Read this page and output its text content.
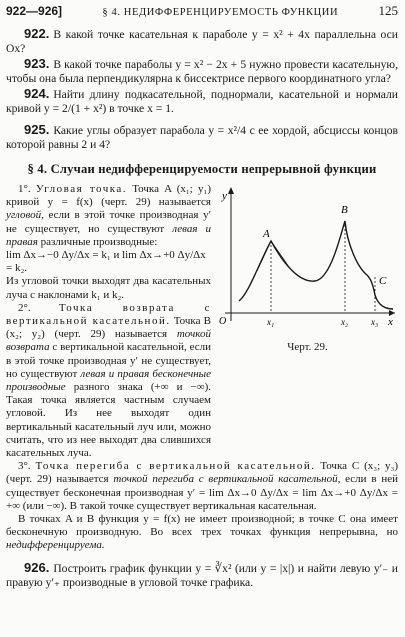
922—926]	§ 4. НЕДИФФЕРЕНЦИРУЕМОСТЬ ФУНКЦИИ	125

922. В какой точке касательная к параболе y = x² + 4x параллельна оси Ox?

923. В какой точке параболы y = x² − 2x + 5 нужно провести касательную, чтобы она была перпендикулярна к биссектрисе первого координатного угла?

924. Найти длину подкасательной, поднормали, касательной и нормали кривой y = 2/(1 + x²) в точке x = 1.

925. Какие углы образует парабола y = x²/4 с ее хордой, абсциссы концов которой равны 2 и 4?

§ 4. Случаи недифференцируемости непрерывной функции

1°. Угловая точка. Точка A (x₁; y₁) кривой y = f(x) (черт. 29) называется угловой, если в этой точке производная y′ не существует, но существуют левая и правая различные производные:

lim Δx→−0 Δy/Δx = k₁ и lim Δx→+0 Δy/Δx = k₂.

Из угловой точки выходят два касательных луча с наклонами k₁ и k₂.

2°. Точка возврата с вертикальной касательной. Точка B (x₂; y₂) (черт. 29) называется точкой возврата с вертикальной касательной, если в этой точке производная y′ не существует, но существуют левая и правая бесконечные производные разного знака (+∞ и −∞). Такая точка является частным случаем угловой. Из нее выходят один вертикальный касательный луч или, можно считать, что из нее выходят два слившихся касательных луча.

y
x
O
A
B
C
x₁	x₂	x₃
Черт. 29.

3°. Точка перегиба с вертикальной касательной. Точка C (x₃; y₃) (черт. 29) называется точкой перегиба с вертикальной касательной, если в ней существует бесконечная производная y′ = lim Δx→0 Δy/Δx = lim Δx→+0 Δy/Δx = +∞ (или −∞). В такой точке существует вертикальная касательная.

В точках A и B функция y = f(x) не имеет производной; в точке C она имеет бесконечную производную. Во всех трех точках функция непрерывна, но недифференцируема.

926. Построить график функции y = ∛x² (или y = |x|) и найти левую y′₋ и правую y′₊ производные в угловой точке графика.
